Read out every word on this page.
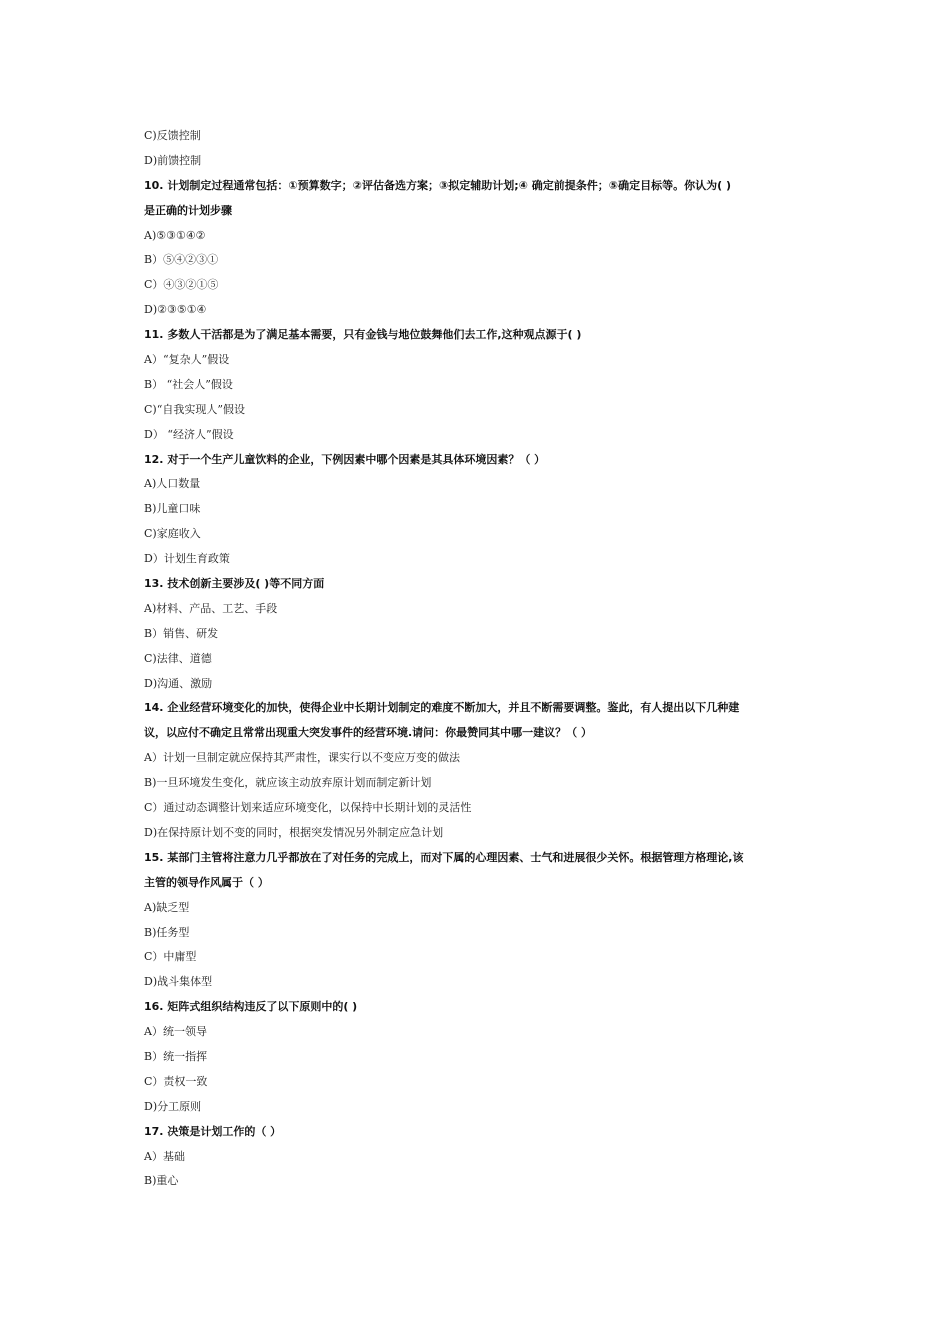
C)反馈控制
D)前馈控制
10. 计划制定过程通常包括：①预算数字；②评估备选方案；③拟定辅助计划;④ 确定前提条件；⑤确定目标等。你认为( )
是正确的计划步骤
A)⑤③①④②
B）⑤④②③①
C）④③②①⑤
D)②③⑤①④
11. 多数人干活都是为了满足基本需要，只有金钱与地位鼓舞他们去工作,这种观点源于( )
A）“复杂人”假设
B） “社会人”假设
C)“自我实现人”假设
D） “经济人”假设
12. 对于一个生产儿童饮料的企业，下例因素中哪个因素是其具体环境因素？（ ）
A)人口数量
B)儿童口味
C)家庭收入
D）计划生育政策
13. 技术创新主要涉及( )等不同方面
A)材料、产品、工艺、手段
B）销售、研发
C)法律、道德
D)沟通、激励
14. 企业经营环境变化的加快，使得企业中长期计划制定的难度不断加大，并且不断需要调整。鉴此，有人提出以下几种建
议，以应付不确定且常常出现重大突发事件的经营环境.请问：你最赞同其中哪一建议？（ ）
A）计划一旦制定就应保持其严肃性，课实行以不变应万变的做法
B)一旦环境发生变化，就应该主动放弃原计划而制定新计划
C）通过动态调整计划来适应环境变化，以保持中长期计划的灵活性
D)在保持原计划不变的同时，根据突发情况另外制定应急计划
15. 某部门主管将注意力几乎都放在了对任务的完成上，而对下属的心理因素、士气和进展很少关怀。根据管理方格理论,该
主管的领导作风属于（ ）
A)缺乏型
B)任务型
C）中庸型
D)战斗集体型
16. 矩阵式组织结构违反了以下原则中的( )
A）统一领导
B）统一指挥
C）责权一致
D)分工原则
17. 决策是计划工作的（ ）
A）基础
B)重心
